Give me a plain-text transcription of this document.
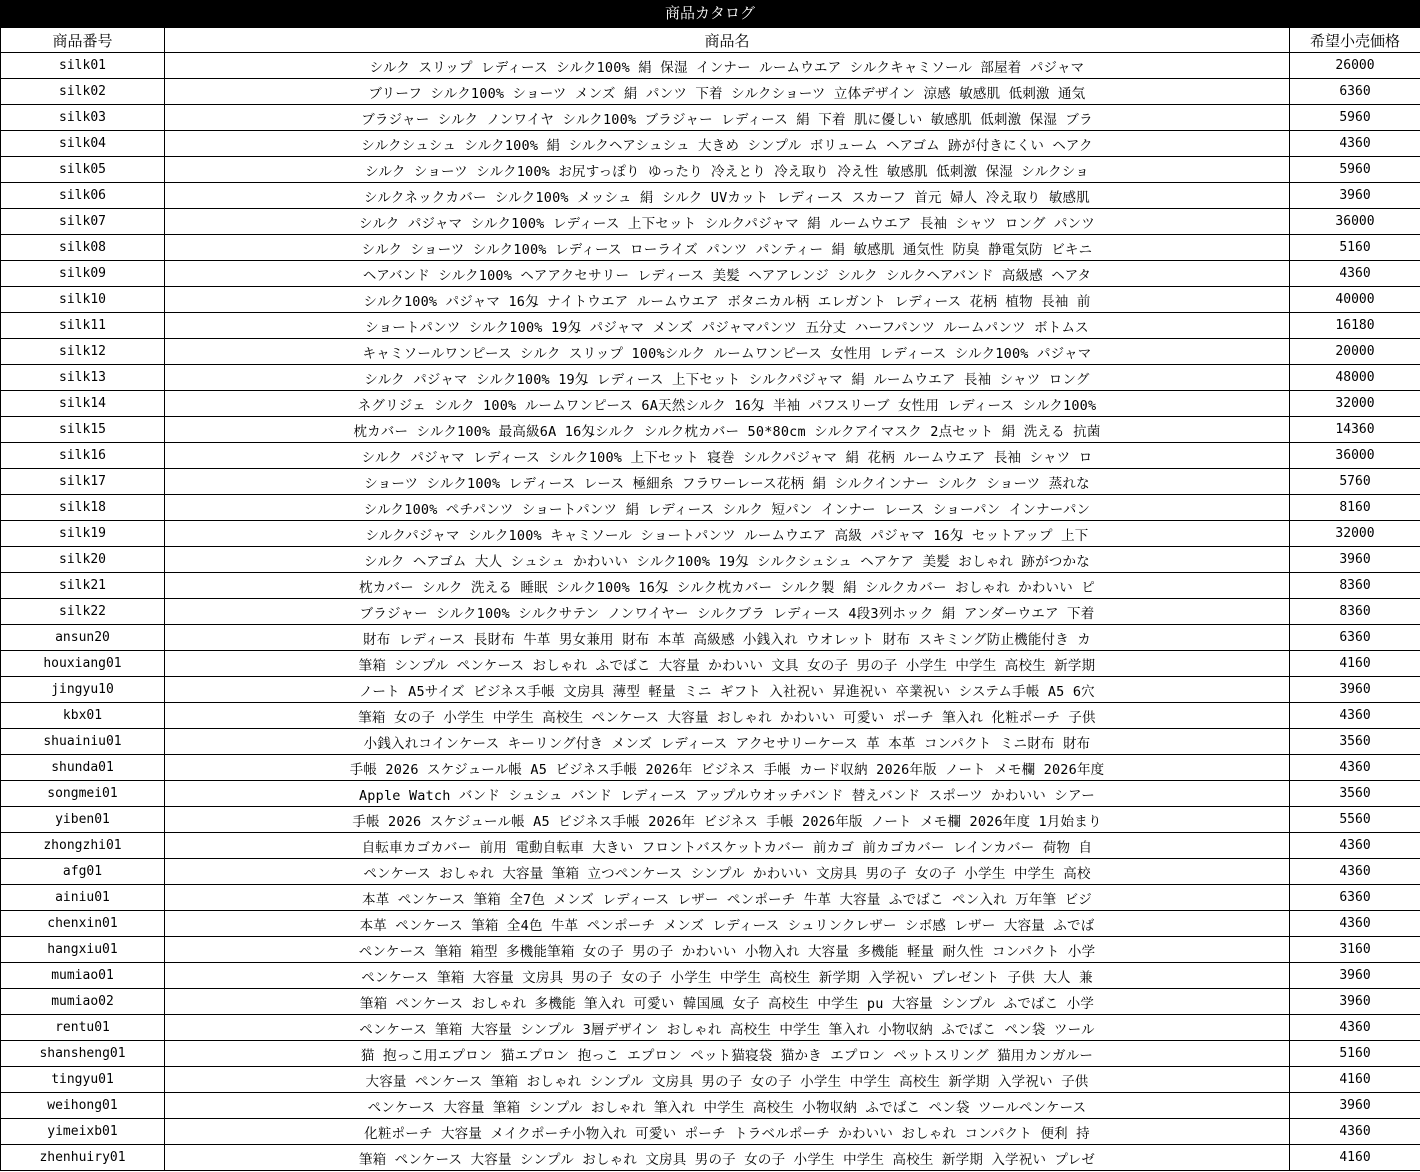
商品カタログ
商品番号	商品名	希望小売価格
silk01	シルク スリップ レディース シルク100% 絹 保湿 インナー ルームウエア シルクキャミソール 部屋着 パジャマ	26000
silk02	ブリーフ シルク100% ショーツ メンズ 絹 パンツ 下着 シルクショーツ 立体デザイン 涼感 敏感肌 低刺激 通気	6360
silk03	ブラジャー シルク ノンワイヤ シルク100% ブラジャー レディース 絹 下着 肌に優しい 敏感肌 低刺激 保湿 ブラ	5960
silk04	シルクシュシュ シルク100% 絹 シルクヘアシュシュ 大きめ シンプル ボリューム ヘアゴム 跡が付きにくい ヘアク	4360
silk05	シルク ショーツ シルク100% お尻すっぽり ゆったり 冷えとり 冷え取り 冷え性 敏感肌 低刺激 保湿 シルクショ	5960
silk06	シルクネックカバー シルク100% メッシュ 絹 シルク UVカット レディース スカーフ 首元 婦人 冷え取り 敏感肌	3960
silk07	シルク パジャマ シルク100% レディース 上下セット シルクパジャマ 絹 ルームウエア 長袖 シャツ ロング パンツ	36000
silk08	シルク ショーツ シルク100% レディース ローライズ パンツ パンティー 絹 敏感肌 通気性 防臭 静電気防 ビキニ	5160
silk09	ヘアバンド シルク100% ヘアアクセサリー レディース 美髪 ヘアアレンジ シルク シルクヘアバンド 高級感 ヘアタ	4360
silk10	シルク100% パジャマ 16匁 ナイトウエア ルームウエア ボタニカル柄 エレガント レディース 花柄 植物 長袖 前	40000
silk11	ショートパンツ シルク100% 19匁 パジャマ メンズ パジャマパンツ 五分丈 ハーフパンツ ルームパンツ ボトムス	16180
silk12	キャミソールワンピース シルク スリップ 100%シルク ルームワンピース 女性用 レディース シルク100% パジャマ	20000
silk13	シルク パジャマ シルク100% 19匁 レディース 上下セット シルクパジャマ 絹 ルームウエア 長袖 シャツ ロング	48000
silk14	ネグリジェ シルク 100% ルームワンピース 6A天然シルク 16匁 半袖 パフスリーブ 女性用 レディース シルク100%	32000
silk15	枕カバー シルク100% 最高級6A 16匁シルク シルク枕カバー 50*80cm シルクアイマスク 2点セット 絹 洗える 抗菌	14360
silk16	シルク パジャマ レディース シルク100% 上下セット 寝巻 シルクパジャマ 絹 花柄 ルームウエア 長袖 シャツ ロ	36000
silk17	ショーツ シルク100% レディース レース 極細糸 フラワーレース花柄 絹 シルクインナー シルク ショーツ 蒸れな	5760
silk18	シルク100% ペチパンツ ショートパンツ 絹 レディース シルク 短パン インナー レース ショーパン インナーパン	8160
silk19	シルクパジャマ シルク100% キャミソール ショートパンツ ルームウエア 高級 パジャマ 16匁 セットアップ 上下	32000
silk20	シルク ヘアゴム 大人 シュシュ かわいい シルク100% 19匁 シルクシュシュ ヘアケア 美髪 おしゃれ 跡がつかな	3960
silk21	枕カバー シルク 洗える 睡眠 シルク100% 16匁 シルク枕カバー シルク製 絹 シルクカバー おしゃれ かわいい ピ	8360
silk22	ブラジャー シルク100% シルクサテン ノンワイヤー シルクブラ レディース 4段3列ホック 絹 アンダーウエア 下着	8360
ansun20	財布 レディース 長財布 牛革 男女兼用 財布 本革 高級感 小銭入れ ウオレット 財布 スキミング防止機能付き カ	6360
houxiang01	筆箱 シンプル ペンケース おしゃれ ふでばこ 大容量 かわいい 文具 女の子 男の子 小学生 中学生 高校生 新学期	4160
jingyu10	ノート A5サイズ ビジネス手帳 文房具 薄型 軽量 ミニ ギフト 入社祝い 昇進祝い 卒業祝い システム手帳 A5 6穴	3960
kbx01	筆箱 女の子 小学生 中学生 高校生 ペンケース 大容量 おしゃれ かわいい 可愛い ポーチ 筆入れ 化粧ポーチ 子供	4360
shuainiu01	小銭入れコインケース キーリング付き メンズ レディース アクセサリーケース 革 本革 コンパクト ミニ財布 財布	3560
shunda01	手帳 2026 スケジュール帳 A5 ビジネス手帳 2026年 ビジネス 手帳 カード収納 2026年版 ノート メモ欄 2026年度	4360
songmei01	Apple Watch バンド シュシュ バンド レディース アップルウオッチバンド 替えバンド スポーツ かわいい シアー	3560
yiben01	手帳 2026 スケジュール帳 A5 ビジネス手帳 2026年 ビジネス 手帳 2026年版 ノート メモ欄 2026年度 1月始まり	5560
zhongzhi01	自転車カゴカバー 前用 電動自転車 大きい フロントバスケットカバー 前カゴ 前カゴカバー レインカバー 荷物 自	4360
afg01	ペンケース おしゃれ 大容量 筆箱 立つペンケース シンプル かわいい 文房具 男の子 女の子 小学生 中学生 高校	4360
ainiu01	本革 ペンケース 筆箱 全7色 メンズ レディース レザー ペンポーチ 牛革 大容量 ふでばこ ペン入れ 万年筆 ビジ	6360
chenxin01	本革 ペンケース 筆箱 全4色 牛革 ペンポーチ メンズ レディース シュリンクレザー シボ感 レザー 大容量 ふでば	4360
hangxiu01	ペンケース 筆箱 箱型 多機能筆箱 女の子 男の子 かわいい 小物入れ 大容量 多機能 軽量 耐久性 コンパクト 小学	3160
mumiao01	ペンケース 筆箱 大容量 文房具 男の子 女の子 小学生 中学生 高校生 新学期 入学祝い プレゼント 子供 大人 兼	3960
mumiao02	筆箱 ペンケース おしゃれ 多機能 筆入れ 可愛い 韓国風 女子 高校生 中学生 pu 大容量 シンプル ふでばこ 小学	3960
rentu01	ペンケース 筆箱 大容量 シンプル 3層デザイン おしゃれ 高校生 中学生 筆入れ 小物収納 ふでばこ ペン袋 ツール	4360
shansheng01	猫 抱っこ用エプロン 猫エプロン 抱っこ エプロン ペット猫寝袋 猫かき エプロン ペットスリング 猫用カンガルー	5160
tingyu01	大容量 ペンケース 筆箱 おしゃれ シンプル 文房具 男の子 女の子 小学生 中学生 高校生 新学期 入学祝い 子供	4160
weihong01	ペンケース 大容量 筆箱 シンプル おしゃれ 筆入れ 中学生 高校生 小物収納 ふでばこ ペン袋 ツールペンケース	3960
yimeixb01	化粧ポーチ 大容量 メイクポーチ小物入れ 可愛い ポーチ トラベルポーチ かわいい おしゃれ コンパクト 便利 持	4360
zhenhuiry01	筆箱 ペンケース 大容量 シンプル おしゃれ 文房具 男の子 女の子 小学生 中学生 高校生 新学期 入学祝い プレゼ	4160
